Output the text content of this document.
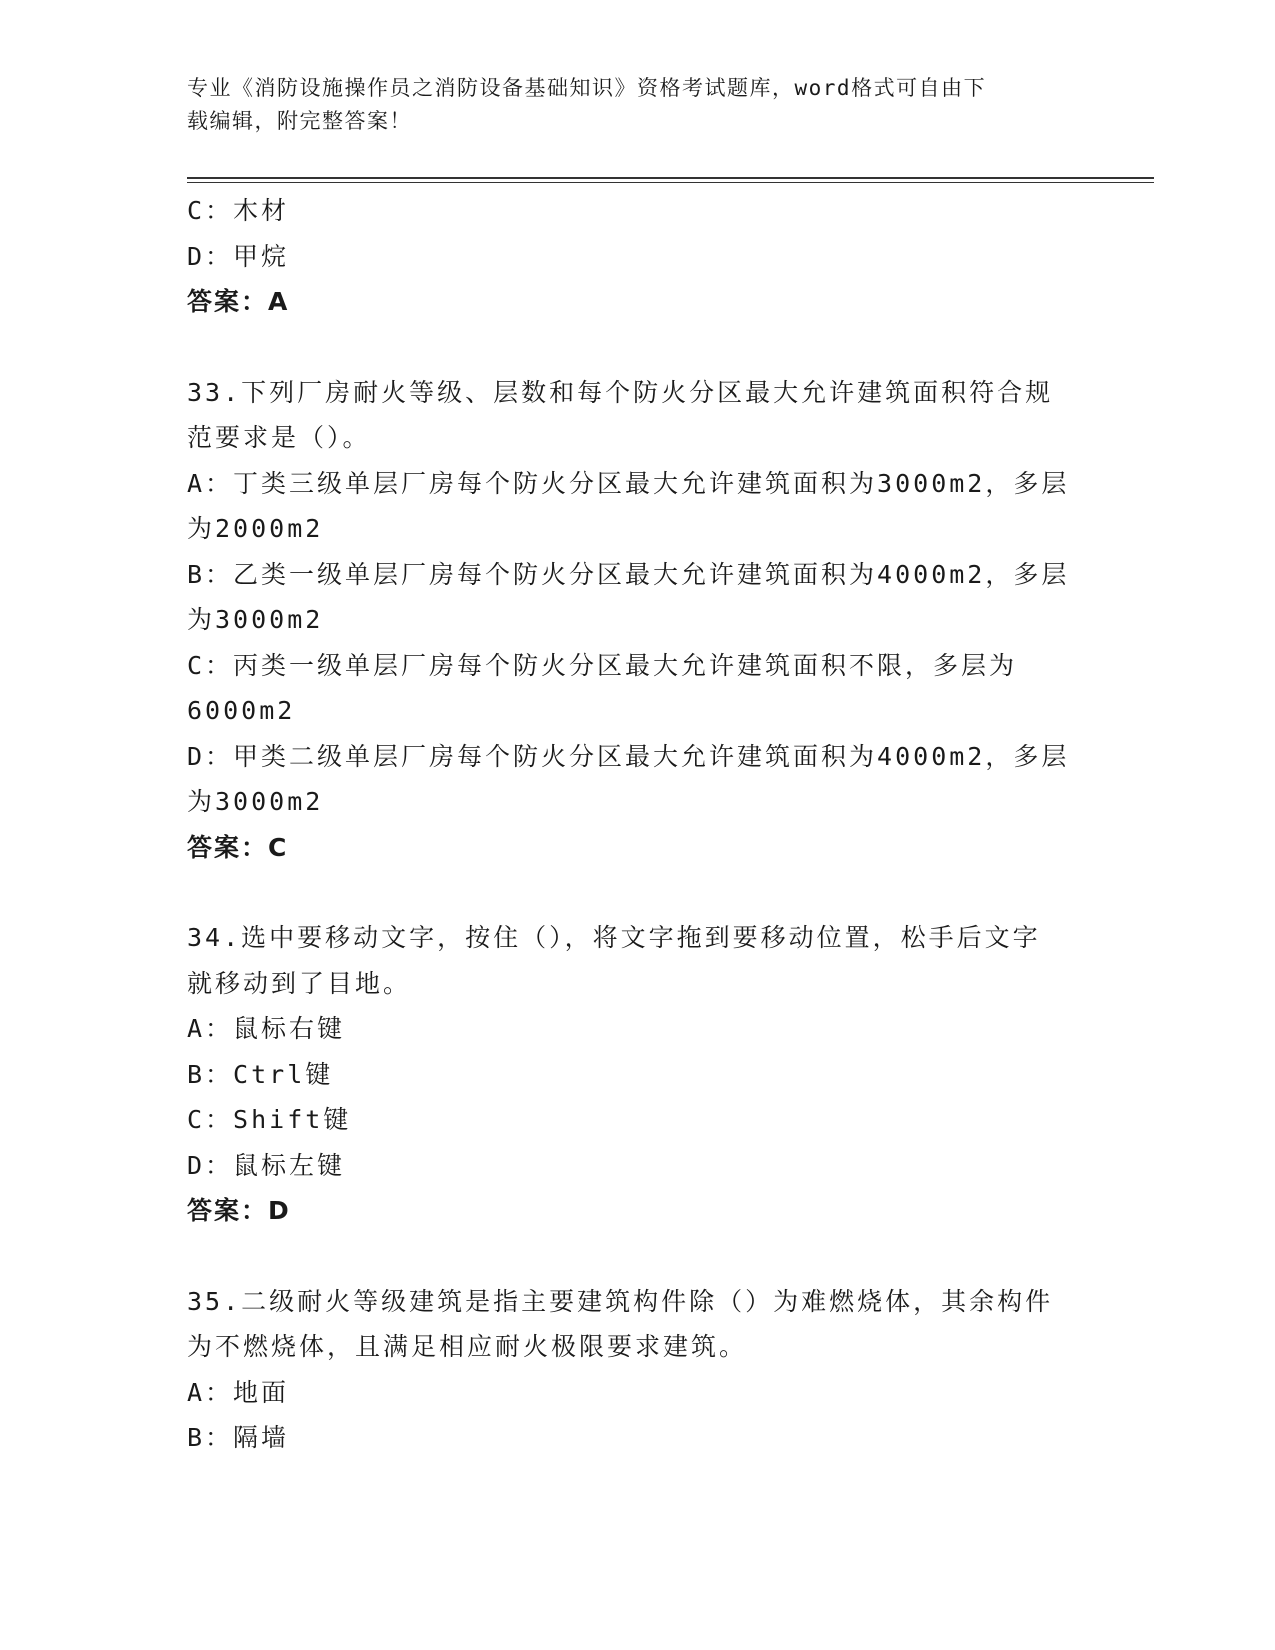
专业《消防设施操作员之消防设备基础知识》资格考试题库，word格式可自由下
载编辑，附完整答案！
C：木材
D：甲烷
答案：A
33.下列厂房耐火等级、层数和每个防火分区最大允许建筑面积符合规
范要求是（）。
A：丁类三级单层厂房每个防火分区最大允许建筑面积为3000m2，多层
为2000m2
B：乙类一级单层厂房每个防火分区最大允许建筑面积为4000m2，多层
为3000m2
C：丙类一级单层厂房每个防火分区最大允许建筑面积不限，多层为
6000m2
D：甲类二级单层厂房每个防火分区最大允许建筑面积为4000m2，多层
为3000m2
答案：C
34.选中要移动文字，按住（），将文字拖到要移动位置，松手后文字
就移动到了目地。
A：鼠标右键
B：Ctrl键
C：Shift键
D：鼠标左键
答案：D
35.二级耐火等级建筑是指主要建筑构件除（）为难燃烧体，其余构件
为不燃烧体，且满足相应耐火极限要求建筑。
A：地面
B：隔墙
